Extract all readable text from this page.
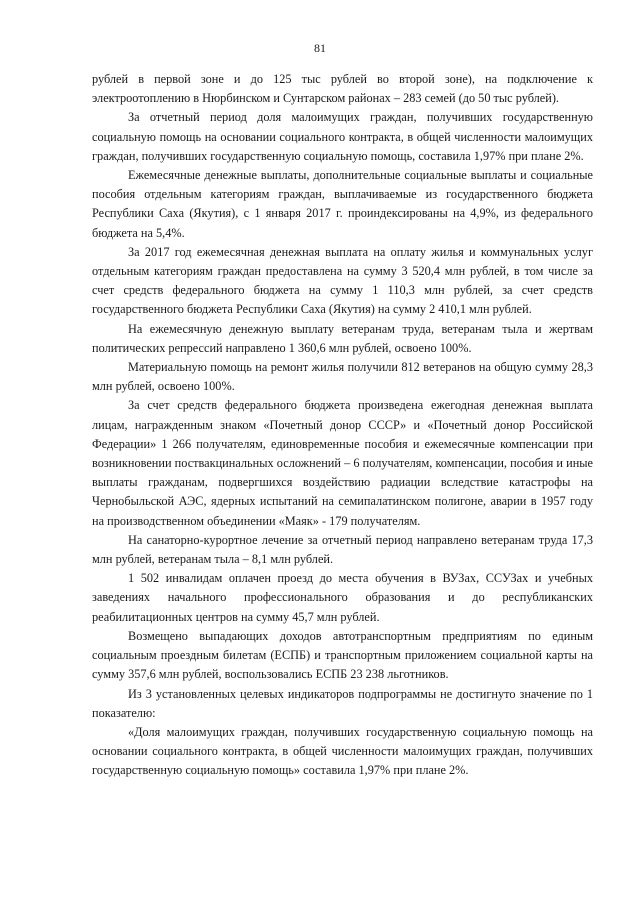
81

рублей в первой зоне и до 125 тыс рублей во второй зоне), на подключение к электроотоплению в Нюрбинском и Сунтарском районах – 283 семей (до 50 тыс рублей).

За отчетный период доля малоимущих граждан, получивших государственную социальную помощь на основании социального контракта, в общей численности малоимущих граждан, получивших государственную социальную помощь, составила 1,97% при плане 2%.

Ежемесячные денежные выплаты, дополнительные социальные выплаты и социальные пособия отдельным категориям граждан, выплачиваемые из государственного бюджета Республики Саха (Якутия), с 1 января 2017 г. проиндексированы на 4,9%, из федерального бюджета на 5,4%.

За 2017 год ежемесячная денежная выплата на оплату жилья и коммунальных услуг отдельным категориям граждан предоставлена на сумму 3 520,4 млн рублей, в том числе за счет средств федерального бюджета на сумму 1 110,3 млн рублей, за счет средств государственного бюджета Республики Саха (Якутия) на сумму 2 410,1 млн рублей.

На ежемесячную денежную выплату ветеранам труда, ветеранам тыла и жертвам политических репрессий направлено 1 360,6 млн рублей, освоено 100%.

Материальную помощь на ремонт жилья получили 812 ветеранов на общую сумму 28,3 млн рублей, освоено 100%.

За счет средств федерального бюджета произведена ежегодная денежная выплата лицам, награжденным знаком «Почетный донор СССР» и «Почетный донор Российской Федерации» 1 266 получателям, единовременные пособия и ежемесячные компенсации при возникновении поствакцинальных осложнений – 6 получателям, компенсации, пособия и иные выплаты гражданам, подвергшихся воздействию радиации вследствие катастрофы на Чернобыльской АЭС, ядерных испытаний на семипалатинском полигоне, аварии в 1957 году на производственном объединении «Маяк» - 179 получателям.

На санаторно-курортное лечение за отчетный период направлено ветеранам труда 17,3 млн рублей, ветеранам тыла – 8,1 млн рублей.

1 502 инвалидам оплачен проезд до места обучения в ВУЗах, ССУЗах и учебных заведениях начального профессионального образования и до республиканских реабилитационных центров на сумму 45,7 млн рублей.

Возмещено выпадающих доходов автотранспортным предприятиям по единым социальным проездным билетам (ЕСПБ) и транспортным приложением социальной карты на сумму 357,6 млн рублей, воспользовались ЕСПБ 23 238 льготников.

Из 3 установленных целевых индикаторов подпрограммы не достигнуто значение по 1 показателю:

«Доля малоимущих граждан, получивших государственную социальную помощь на основании социального контракта, в общей численности малоимущих граждан, получивших государственную социальную помощь» составила 1,97% при плане 2%.
